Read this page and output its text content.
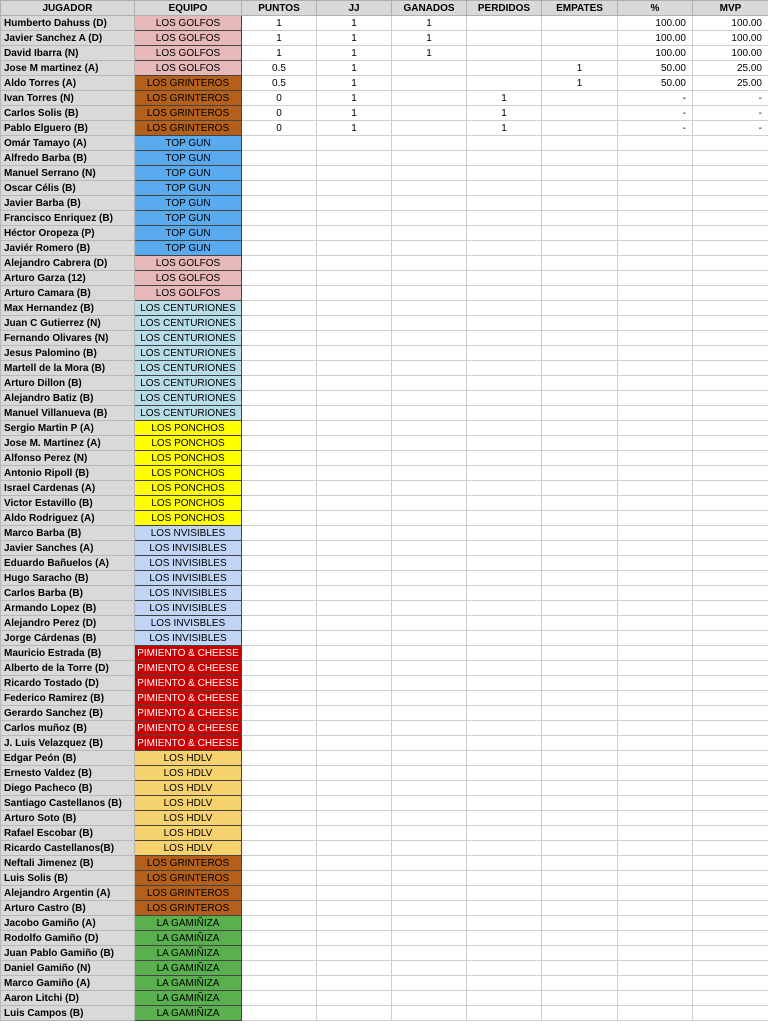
JUGADOR	EQUIPO	PUNTOS	JJ	GANADOS	PERDIDOS	EMPATES	%	MVP
Humberto Dahuss (D)	LOS GOLFOS	1	1	1			100.00	100.00
Javier Sanchez A (D)	LOS GOLFOS	1	1	1			100.00	100.00
David Ibarra (N)	LOS GOLFOS	1	1	1			100.00	100.00
Jose M martinez (A)	LOS GOLFOS	0.5	1			1	50.00	25.00
Aldo Torres (A)	LOS GRINTEROS	0.5	1			1	50.00	25.00
Ivan Torres (N)	LOS GRINTEROS	0	1		1		-	-
Carlos Solis (B)	LOS GRINTEROS	0	1		1		-	-
Pablo Elguero (B)	LOS GRINTEROS	0	1		1		-	-
Omár Tamayo (A)	TOP GUN							
Alfredo Barba (B)	TOP GUN							
Manuel Serrano (N)	TOP GUN							
Oscar Célis (B)	TOP GUN							
Javier Barba (B)	TOP GUN							
Francisco Enriquez (B)	TOP GUN							
Héctor Oropeza (P)	TOP GUN							
Javiér Romero (B)	TOP GUN							
Alejandro Cabrera (D)	LOS GOLFOS							
Arturo Garza (12)	LOS GOLFOS							
Arturo Camara (B)	LOS GOLFOS							
Max Hernandez (B)	LOS CENTURIONES							
Juan C Gutierrez (N)	LOS CENTURIONES							
Fernando Olivares (N)	LOS CENTURIONES							
Jesus Palomino (B)	LOS CENTURIONES							
Martell de la Mora (B)	LOS CENTURIONES							
Arturo Dillon (B)	LOS CENTURIONES							
Alejandro Batiz (B)	LOS CENTURIONES							
Manuel Villanueva (B)	LOS CENTURIONES							
Sergio Martin P (A)	LOS PONCHOS							
Jose M. Martinez (A)	LOS PONCHOS							
Alfonso Perez (N)	LOS PONCHOS							
Antonio Ripoll (B)	LOS PONCHOS							
Israel Cardenas (A)	LOS PONCHOS							
Victor Estavillo (B)	LOS PONCHOS							
Aldo Rodriguez (A)	LOS PONCHOS							
Marco Barba (B)	LOS NVISIBLES							
Javier Sanches (A)	LOS INVISIBLES							
Eduardo Bañuelos (A)	LOS INVISIBLES							
Hugo Saracho (B)	LOS INVISIBLES							
Carlos Barba (B)	LOS INVISIBLES							
Armando Lopez (B)	LOS INVISIBLES							
Alejandro Perez (D)	LOS INVISBLES							
Jorge Cárdenas (B)	LOS INVISIBLES							
Mauricio Estrada (B)	PIMIENTO & CHEESE							
Alberto de la Torre (D)	PIMIENTO & CHEESE							
Ricardo Tostado (D)	PIMIENTO & CHEESE							
Federico Ramirez (B)	PIMIENTO & CHEESE							
Gerardo Sanchez (B)	PIMIENTO & CHEESE							
Carlos muñoz (B)	PIMIENTO & CHEESE							
J. Luis Velazquez (B)	PIMIENTO & CHEESE							
Edgar Peón (B)	LOS HDLV							
Ernesto Valdez (B)	LOS HDLV							
Diego Pacheco (B)	LOS HDLV							
Santiago Castellanos (B)	LOS HDLV							
Arturo Soto (B)	LOS HDLV							
Rafael Escobar (B)	LOS HDLV							
Ricardo Castellanos(B)	LOS HDLV							
Neftali Jimenez (B)	LOS GRINTEROS							
Luis Solis (B)	LOS GRINTEROS							
Alejandro Argentin (A)	LOS GRINTEROS							
Arturo Castro (B)	LOS GRINTEROS							
Jacobo Gamiño (A)	LA GAMIÑIZA							
Rodolfo Gamiño (D)	LA GAMIÑIZA							
Juan Pablo Gamiño (B)	LA GAMIÑIZA							
Daniel Gamiño (N)	LA GAMIÑIZA							
Marco Gamiño (A)	LA GAMIÑIZA							
Aaron Litchi (D)	LA GAMIÑIZA							
Luis Campos (B)	LA GAMIÑIZA							
